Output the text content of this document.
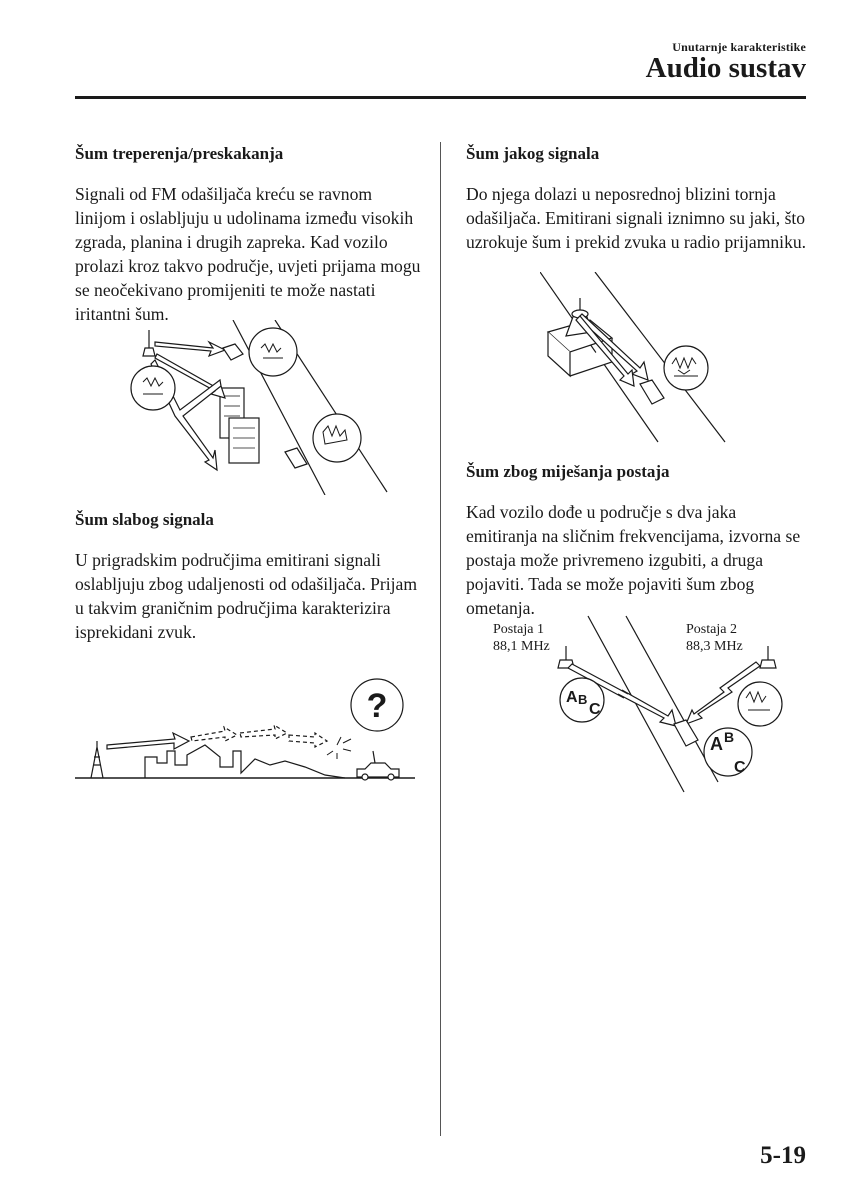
Unutarnje karakteristike
Audio sustav
Šum treperenja/preskakanja

Signali od FM odašiljača kreću se ravnom linijom i oslabljuju u udolinama između visokih zgrada, planina i drugih zapreka. Kad vozilo prolazi kroz takvo područje, uvjeti prijama mogu se neočekivano promijeniti te može nastati iritantni šum.

Šum slabog signala

U prigradskim područjima emitirani signali oslabljuju zbog udaljenosti od odašiljača. Prijam u takvim graničnim područjima karakterizira isprekidani zvuk.

?
Šum jakog signala

Do njega dolazi u neposrednoj blizini tornja odašiljača. Emitirani signali iznimno su jaki, što uzrokuje šum i prekid zvuka u radio prijamniku.

Šum zbog miješanja postaja

Kad vozilo dođe u područje s dva jaka emitiranja na sličnim frekvencijama, izvorna se postaja može privremeno izgubiti, a druga pojaviti. Tada se može pojaviti šum zbog ometanja.

Postaja 1
88,1 MHz
Postaja 2
88,3 MHz
A B
C
A B
C
5-19
